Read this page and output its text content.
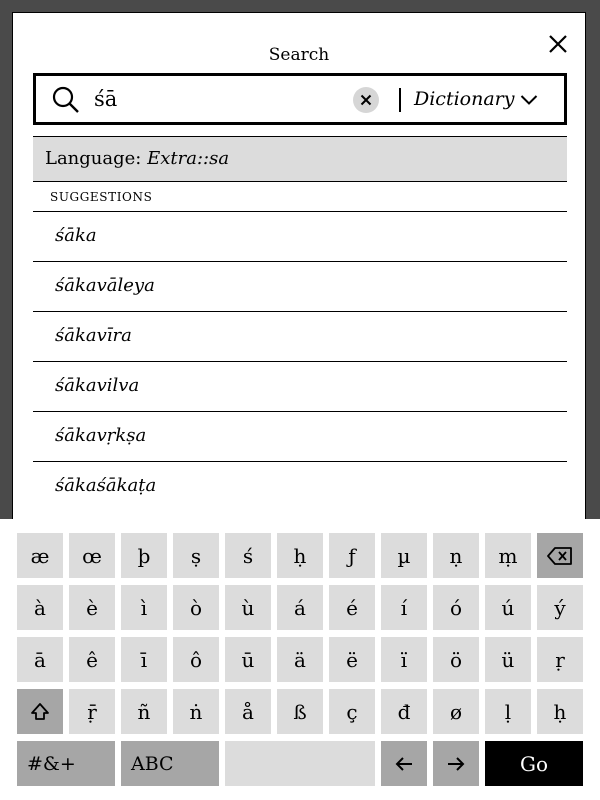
Search
śā
Dictionary
Language: Extra::sa
SUGGESTIONS
śāka
śākavāleya
śākavīra
śākavilva
śākavṛkṣa
śākaśākaṭa
æ	œ	þ	ṣ	ś	ḥ	ƒ	µ	ṇ	ṃ
à	è	ì	ò	ù	á	é	í	ó	ú	ý
ā	ê	ī	ô	ū	ä	ë	ï	ö	ü	ṛ
ṝ	ñ	ṅ	å	ß	ç	đ	ø	ḷ	ḥ
#&+	ABC	Go
